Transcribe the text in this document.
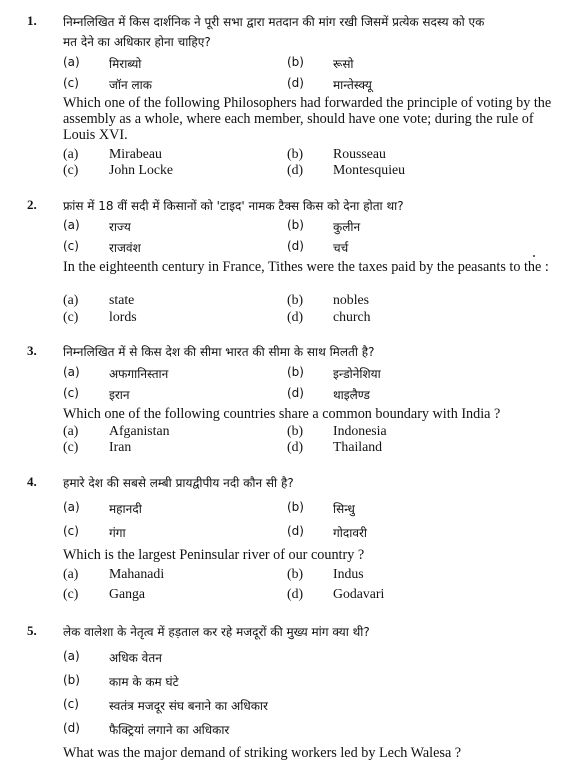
1. निम्नलिखित में किस दार्शनिक ने पूरी सभा द्वारा मतदान की मांग रखी जिसमें प्रत्येक सदस्य को एक
मत देने का अधिकार होना चाहिए?
(a) मिराब्यो	(b) रूसो
(c)	जॉन लाक	(d) मान्तेस्क्यू
Which one of the following Philosophers had forwarded the principle of voting by the assembly as a whole, where each member, should have one vote; during the rule of Louis XVI.
(a) Mirabeau	(b) Rousseau
(c) John Locke	(d) Montesquieu
2. फ्रांस में 18 वीं सदी में किसानों को 'टाइद' नामक टैक्स किस को देना होता था?
(a) राज्य	(b) कुलीन
(c)	राजवंश	(d) चर्च
In the eighteenth century in France, Tithes were the taxes paid by the peasants to the :
(a) state	(b) nobles
(c) lords	(d) church
3. निम्नलिखित में से किस देश की सीमा भारत की सीमा के साथ मिलती है?
(a) अफगानिस्तान	(b) इन्डोनेशिया
(c)	इरान	(d) थाइलैण्ड
Which one of the following countries share a common boundary with India ?
(a) Afganistan	(b) Indonesia
(c) Iran	(d) Thailand
4. हमारे देश की सबसे लम्बी प्रायद्वीपीय नदी कौन सी है?
(a) महानदी	(b) सिन्धु
(c)	गंगा	(d) गोदावरी
Which is the largest Peninsular river of our country ?
(a) Mahanadi	(b) Indus
(c) Ganga	(d) Godavari
5. लेक वालेशा के नेतृत्व में हड़ताल कर रहे मजदूरों की मुख्य मांग क्या थी?
(a) अधिक वेतन
(b) काम के कम घंटे
(c)	स्वतंत्र मजदूर संघ बनाने का अधिकार
(d) फैक्ट्रियां लगाने का अधिकार
What was the major demand of striking workers led by Lech Walesa ?
